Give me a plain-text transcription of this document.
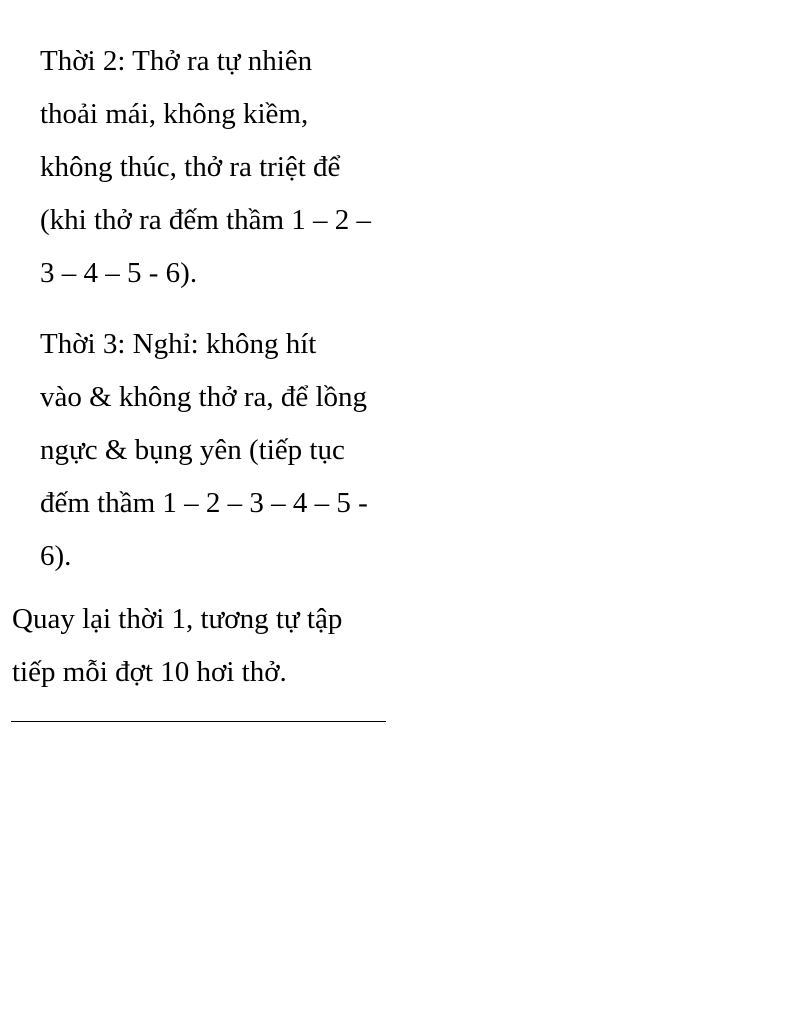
Thời 2: Thở ra tự nhiên
thoải mái, không kiềm,
không thúc, thở ra triệt để
(khi thở ra đếm thầm 1 – 2 –
3 – 4 – 5 - 6).

Thời 3: Nghỉ: không hít
vào & không thở ra, để lồng
ngực & bụng yên (tiếp tục
đếm thầm 1 – 2 – 3 – 4 – 5 -
6).

Quay lại thời 1, tương tự tập
tiếp mỗi đợt 10 hơi thở.
